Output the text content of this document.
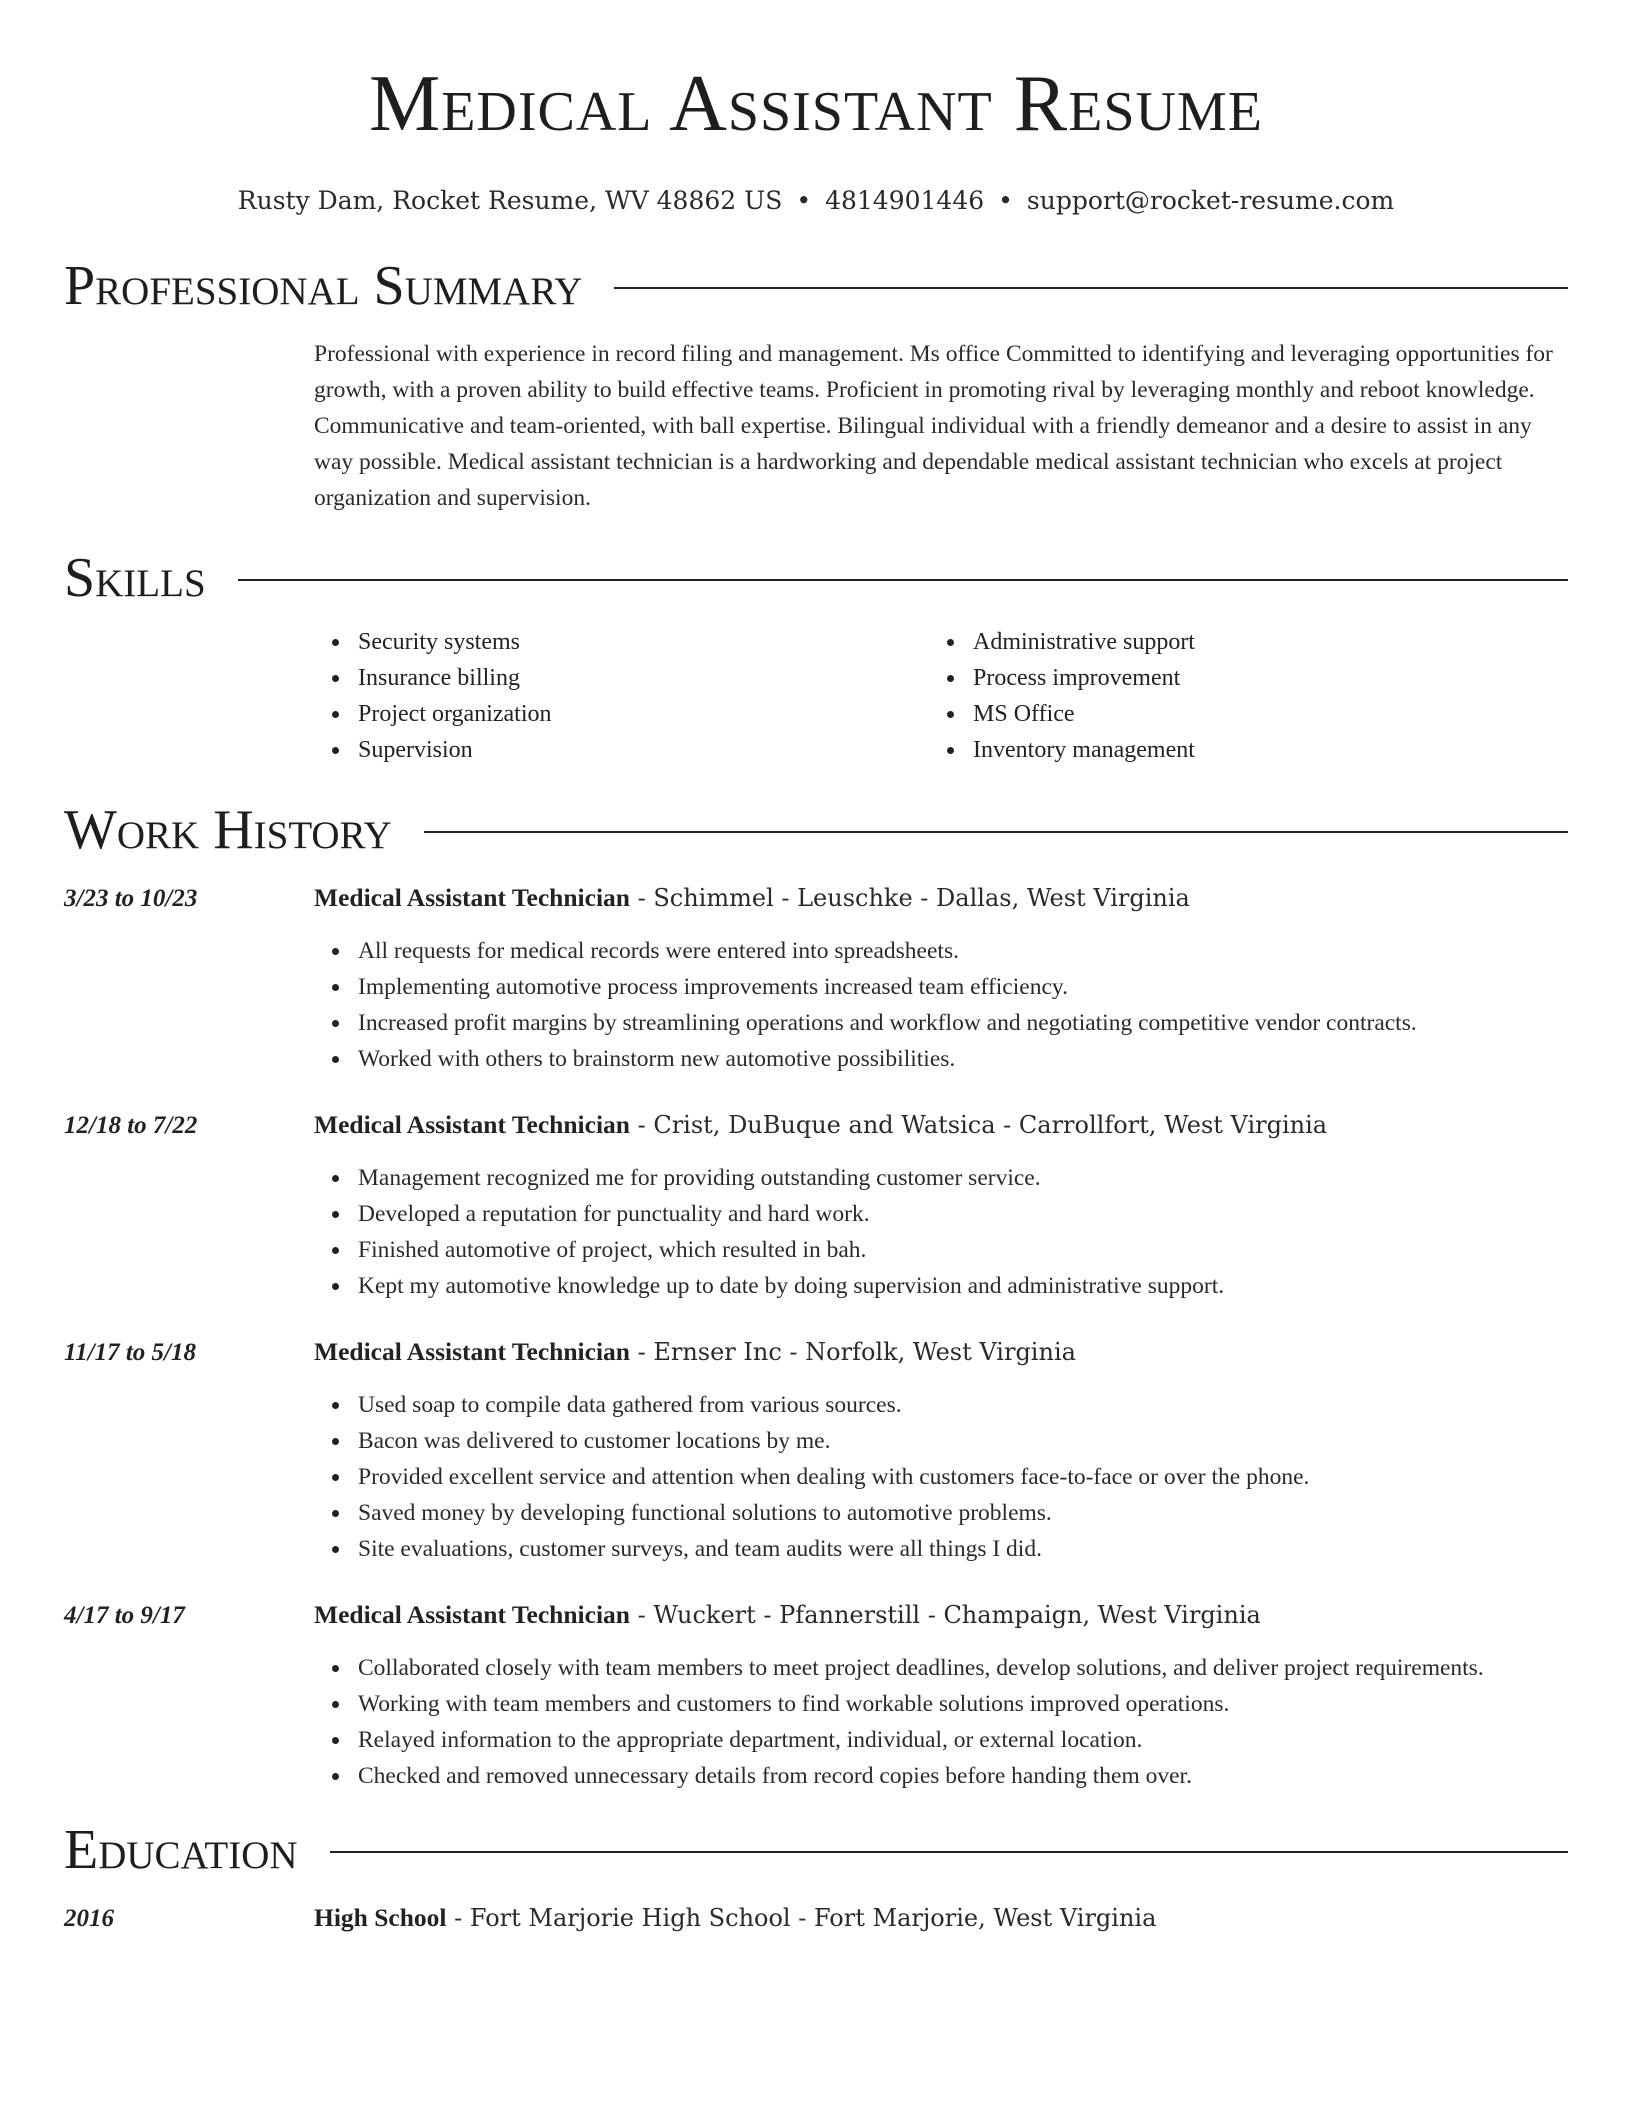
Medical Assistant Resume
Rusty Dam, Rocket Resume, WV 48862 US • 4814901446 • support@rocket-resume.com
Professional Summary
Professional with experience in record filing and management. Ms office Committed to identifying and leveraging opportunities for growth, with a proven ability to build effective teams. Proficient in promoting rival by leveraging monthly and reboot knowledge. Communicative and team-oriented, with ball expertise. Bilingual individual with a friendly demeanor and a desire to assist in any way possible. Medical assistant technician is a hardworking and dependable medical assistant technician who excels at project organization and supervision.
Skills
Security systems
Insurance billing
Project organization
Supervision
Administrative support
Process improvement
MS Office
Inventory management
Work History
3/23 to 10/23	Medical Assistant Technician - Schimmel - Leuschke - Dallas, West Virginia
All requests for medical records were entered into spreadsheets.
Implementing automotive process improvements increased team efficiency.
Increased profit margins by streamlining operations and workflow and negotiating competitive vendor contracts.
Worked with others to brainstorm new automotive possibilities.
12/18 to 7/22	Medical Assistant Technician - Crist, DuBuque and Watsica - Carrollfort, West Virginia
Management recognized me for providing outstanding customer service.
Developed a reputation for punctuality and hard work.
Finished automotive of project, which resulted in bah.
Kept my automotive knowledge up to date by doing supervision and administrative support.
11/17 to 5/18	Medical Assistant Technician - Ernser Inc - Norfolk, West Virginia
Used soap to compile data gathered from various sources.
Bacon was delivered to customer locations by me.
Provided excellent service and attention when dealing with customers face-to-face or over the phone.
Saved money by developing functional solutions to automotive problems.
Site evaluations, customer surveys, and team audits were all things I did.
4/17 to 9/17	Medical Assistant Technician - Wuckert - Pfannerstill - Champaign, West Virginia
Collaborated closely with team members to meet project deadlines, develop solutions, and deliver project requirements.
Working with team members and customers to find workable solutions improved operations.
Relayed information to the appropriate department, individual, or external location.
Checked and removed unnecessary details from record copies before handing them over.
Education
2016	High School - Fort Marjorie High School - Fort Marjorie, West Virginia
